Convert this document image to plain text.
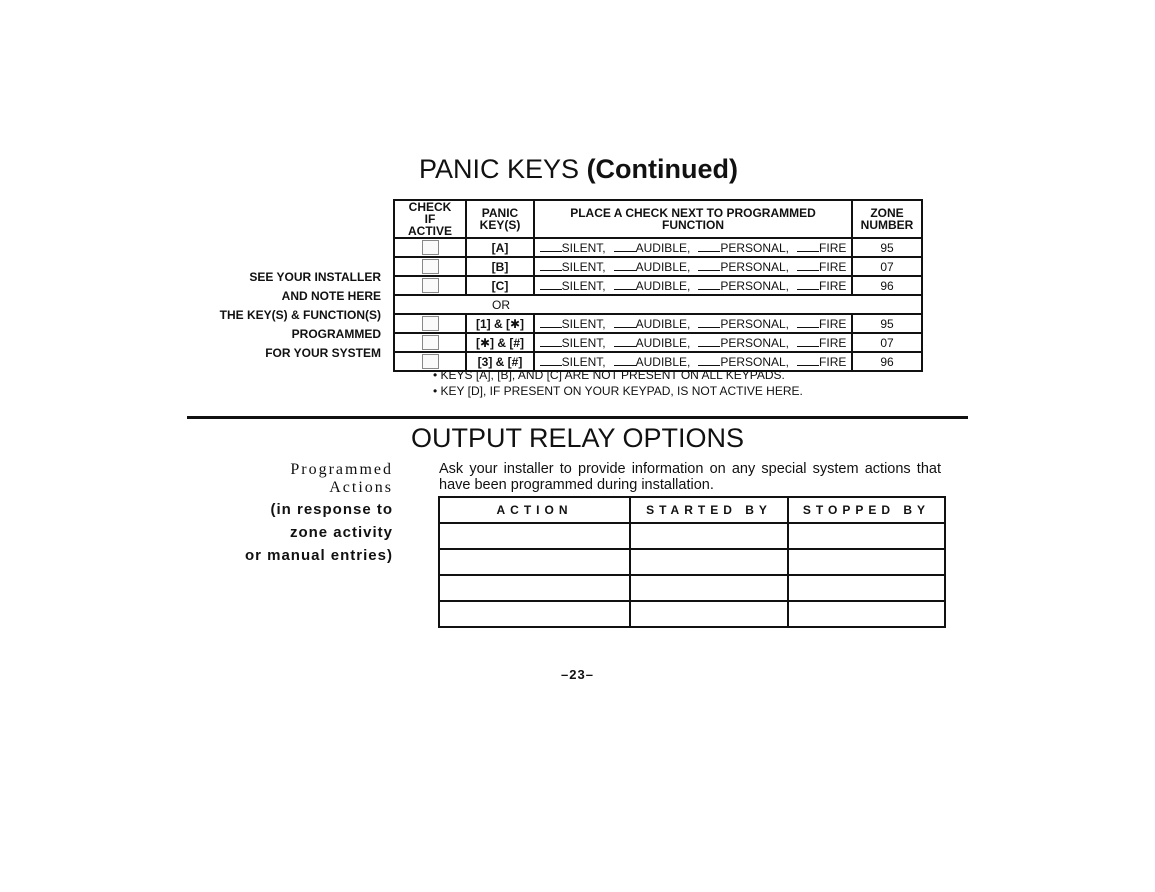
PANIC KEYS (Continued)
SEE YOUR INSTALLER
AND NOTE HERE
THE KEY(S) & FUNCTION(S)
PROGRAMMED
FOR YOUR SYSTEM
CHECK IF ACTIVE	PANIC KEY(S)	PLACE A CHECK NEXT TO PROGRAMMED FUNCTION	ZONE NUMBER
	[A]	SILENT, AUDIBLE, PERSONAL, FIRE	95
	[B]	SILENT, AUDIBLE, PERSONAL, FIRE	07
	[C]	SILENT, AUDIBLE, PERSONAL, FIRE	96
OR			
	[1] & [✱]	SILENT, AUDIBLE, PERSONAL, FIRE	95
	[✱] & [#]	SILENT, AUDIBLE, PERSONAL, FIRE	07
	[3] & [#]	SILENT, AUDIBLE, PERSONAL, FIRE	96
• KEYS [A], [B], AND [C] ARE NOT PRESENT ON ALL KEYPADS.
• KEY [D], IF PRESENT ON YOUR KEYPAD, IS NOT ACTIVE HERE.
OUTPUT RELAY OPTIONS
Programmed
Actions
(in response to
zone activity
or manual entries)
Ask your installer to provide information on any special system actions that have been programmed during installation.
ACTION	STARTED BY	STOPPED BY

–23–
